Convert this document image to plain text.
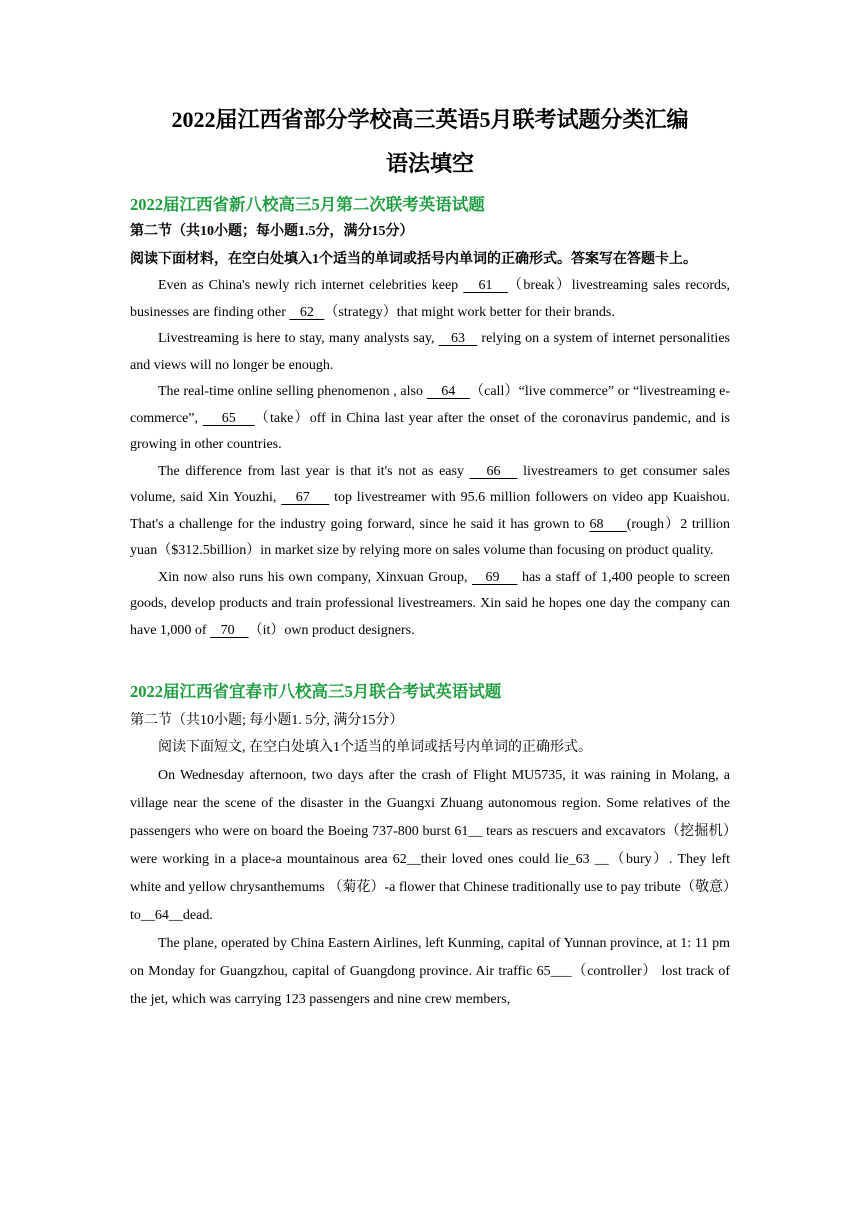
2022届江西省部分学校高三英语5月联考试题分类汇编

语法填空

2022届江西省新八校高三5月第二次联考英语试题

第二节（共10小题；每小题1.5分，满分15分）

阅读下面材料，在空白处填入1个适当的单词或括号内单词的正确形式。答案写在答题卡上。

Even as China's newly rich internet celebrities keep    61   （break）livestreaming sales records, businesses are finding other    62   （strategy）that might work better for their brands.

Livestreaming is here to stay, many analysts say,    63    relying on a system of internet personalities and views will no longer be enough.

The real-time online selling phenomenon , also     64    （call）“live commerce” or “livestreaming e-commerce”,     65    （take）off in China last year after the onset of the coronavirus pandemic, and is growing in other countries.

The difference from last year is that it's not as easy    66    livestreamers to get consumer sales volume, said Xin Youzhi,    67     top livestreamer with 95.6 million followers on video app Kuaishou. That's a challenge for the industry going forward, since he said it has grown to 68     (rough）2 trillion yuan（$312.5billion）in market size by relying more on sales volume than focusing on product quality.

Xin now also runs his own company, Xinxuan Group,    69     has a staff of 1,400 people to screen goods, develop products and train professional livestreamers. Xin said he hopes one day the company can have 1,000 of    70    （it）own product designers.

2022届江西省宜春市八校高三5月联合考试英语试题

第二节（共10小题; 每小题1. 5分, 满分15分）

阅读下面短文, 在空白处填入1个适当的单词或括号内单词的正确形式。

On Wednesday afternoon, two days after the crash of Flight MU5735, it was raining in Molang, a village near the scene of the disaster in the Guangxi Zhuang autonomous region. Some relatives of the passengers who were on board the Boeing 737-800 burst 61__ tears as rescuers and excavators（挖掘机）were working in a place-a mountainous area 62__their loved ones could lie_63 __（bury）. They left white and yellow chrysanthemums （菊花）-a flower that Chinese traditionally use to pay tribute（敬意）to__64__dead.

The plane, operated by China Eastern Airlines, left Kunming, capital of Yunnan province, at 1: 11 pm on Monday for Guangzhou, capital of Guangdong province. Air traffic 65___（controller） lost track of the jet, which was carrying 123 passengers and nine crew members,
